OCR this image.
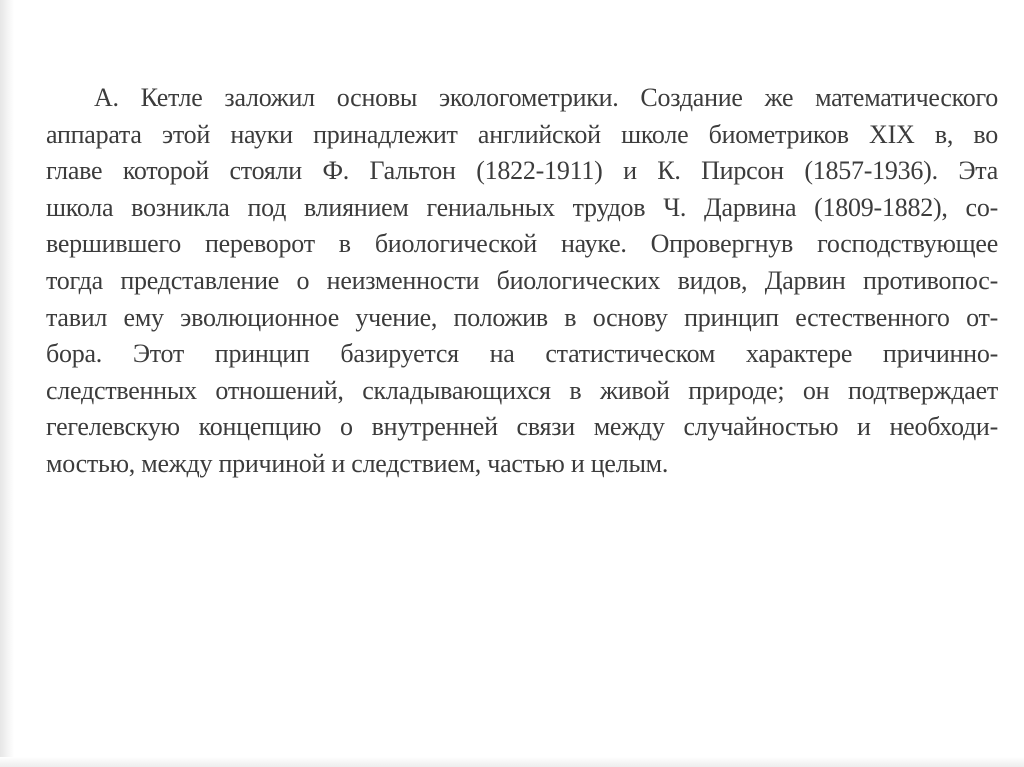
А. Кетле заложил основы экологометрики. Создание же математического
аппарата этой науки принадлежит английской школе биометриков XIX в, во
главе которой стояли Ф. Гальтон (1822-1911) и К. Пирсон (1857-1936). Эта
школа возникла под влиянием гениальных трудов Ч. Дарвина (1809-1882), со-
вершившего переворот в биологической науке. Опровергнув господствующее
тогда представление о неизменности биологических видов, Дарвин противопос-
тавил ему эволюционное учение, положив в основу принцип естественного от-
бора. Этот принцип базируется на статистическом характере причинно-
следственных отношений, складывающихся в живой природе; он подтверждает
гегелевскую концепцию о внутренней связи между случайностью и необходи-
мостью, между причиной и следствием, частью и целым.
